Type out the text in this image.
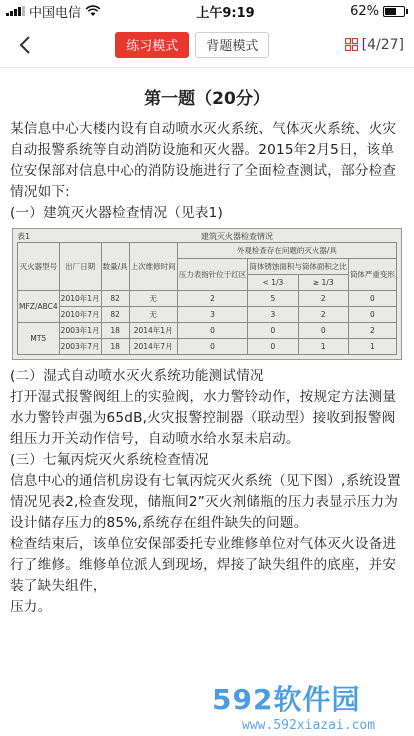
中国电信	上午9:19	62%
练习模式	背题模式	[4/27]
第一题（20分）

某信息中心大楼内设有自动喷水灭火系统、气体灭火系统、火灾自动报警系统等自动消防设施和灭火器。2015年2月5日，该单位安保部对信息中心的消防设施进行了全面检查测试，部分检查情况如下:

(一）建筑灭火器检查情况（见表1)

表1	建筑灭火器检查情况
灭火器型号	出厂日期	数量/具	上次维修时间	外观检查存在问题的灭火器/具			
				压力表指针位于红区	筒体锈蚀面积与筒体面积之比		筒体严重变形
					< 1/3	≥ 1/3	
MFZ/ABC4	2010年1月	82	无	2	5	2	0
	2010年7月	82	无	3	3	2	0
MT5	2003年1月	18	2014年1月	0	0	0	2
	2003年7月	18	2014年7月	0	0	1	1

(二）湿式自动喷水灭火系统功能测试情况

打开湿式报警阀组上的实验阀，水力警铃动作，按规定方法测量水力警铃声强为65dB,火灾报警控制器（联动型）接收到报警阀组压力开关动作信号，自动喷水给水泵未启动。

(三）七氟丙烷灭火系统检查情况

信息中心的通信机房设有七氧丙烷灭火系统（见下图）,系统设置情况见表2,检查发现，储瓶间2”灭火剂储瓶的压力表显示压力为设计储存压力的85%,系统存在组件缺失的问题。

检查结束后，该单位安保部委托专业维修单位对气体灭火设备进行了维修。维修单位派人到现场，焊接了缺失组件的底座，并安装了缺失组件，

压力。

592软件园
www.592xiazai.com
